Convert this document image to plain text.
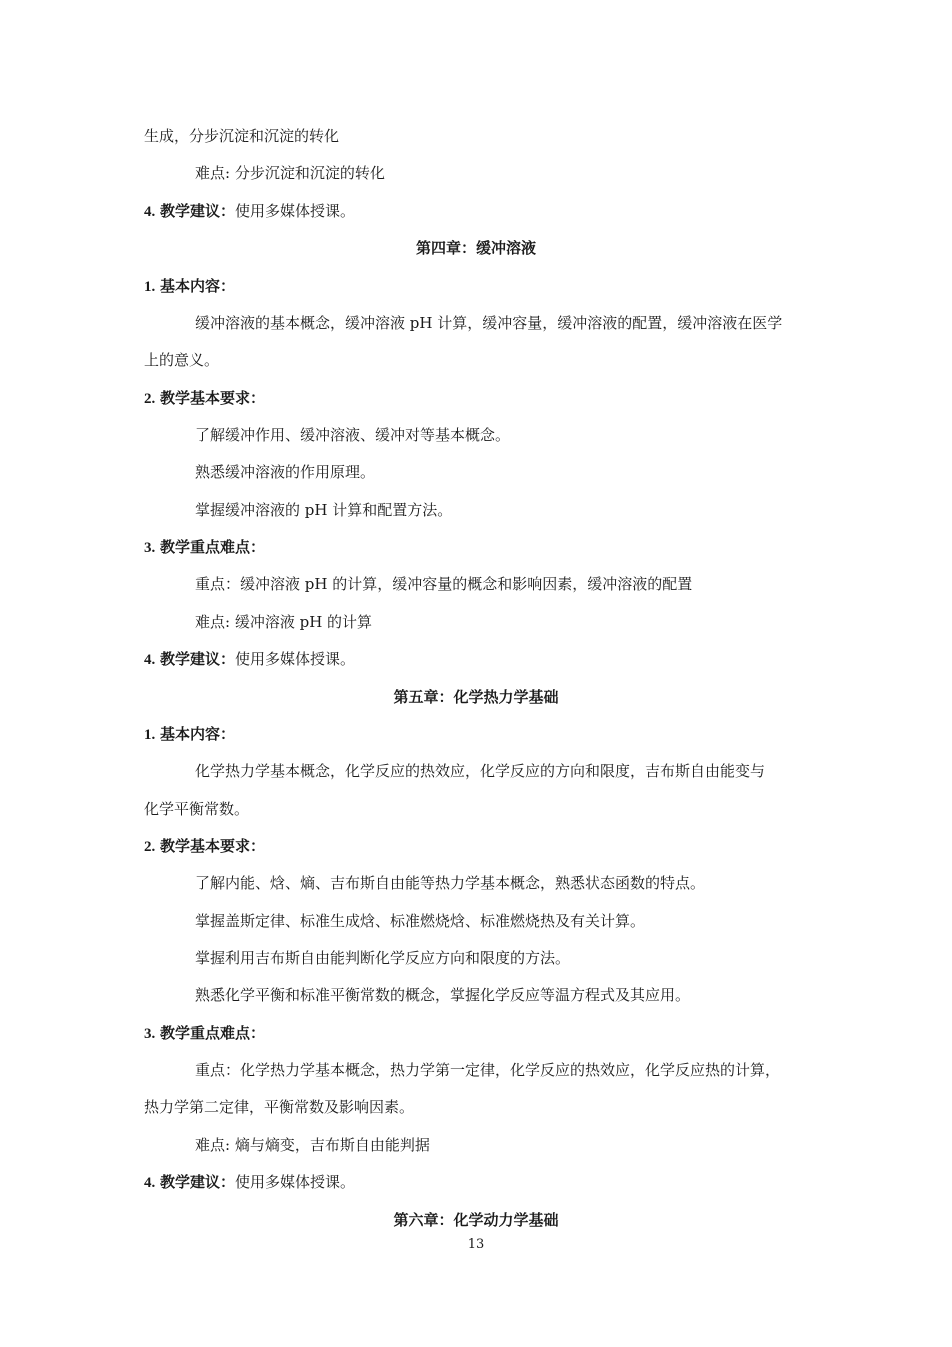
生成，分步沉淀和沉淀的转化
难点: 分步沉淀和沉淀的转化
4. 教学建议：使用多媒体授课。
第四章：缓冲溶液
1. 基本内容：
缓冲溶液的基本概念，缓冲溶液 pH 计算，缓冲容量，缓冲溶液的配置，缓冲溶液在医学
上的意义。
2. 教学基本要求：
了解缓冲作用、缓冲溶液、缓冲对等基本概念。
熟悉缓冲溶液的作用原理。
掌握缓冲溶液的 pH 计算和配置方法。
3. 教学重点难点：
重点：缓冲溶液 pH 的计算，缓冲容量的概念和影响因素，缓冲溶液的配置
难点: 缓冲溶液 pH 的计算
4. 教学建议：使用多媒体授课。
第五章：化学热力学基础
1. 基本内容：
化学热力学基本概念，化学反应的热效应，化学反应的方向和限度，吉布斯自由能变与
化学平衡常数。
2. 教学基本要求：
了解内能、焓、熵、吉布斯自由能等热力学基本概念，熟悉状态函数的特点。
掌握盖斯定律、标准生成焓、标准燃烧焓、标准燃烧热及有关计算。
掌握利用吉布斯自由能判断化学反应方向和限度的方法。
熟悉化学平衡和标准平衡常数的概念，掌握化学反应等温方程式及其应用。
3. 教学重点难点：
重点：化学热力学基本概念，热力学第一定律，化学反应的热效应，化学反应热的计算，
热力学第二定律，平衡常数及影响因素。
难点: 熵与熵变，吉布斯自由能判据
4. 教学建议：使用多媒体授课。
第六章：化学动力学基础
13
